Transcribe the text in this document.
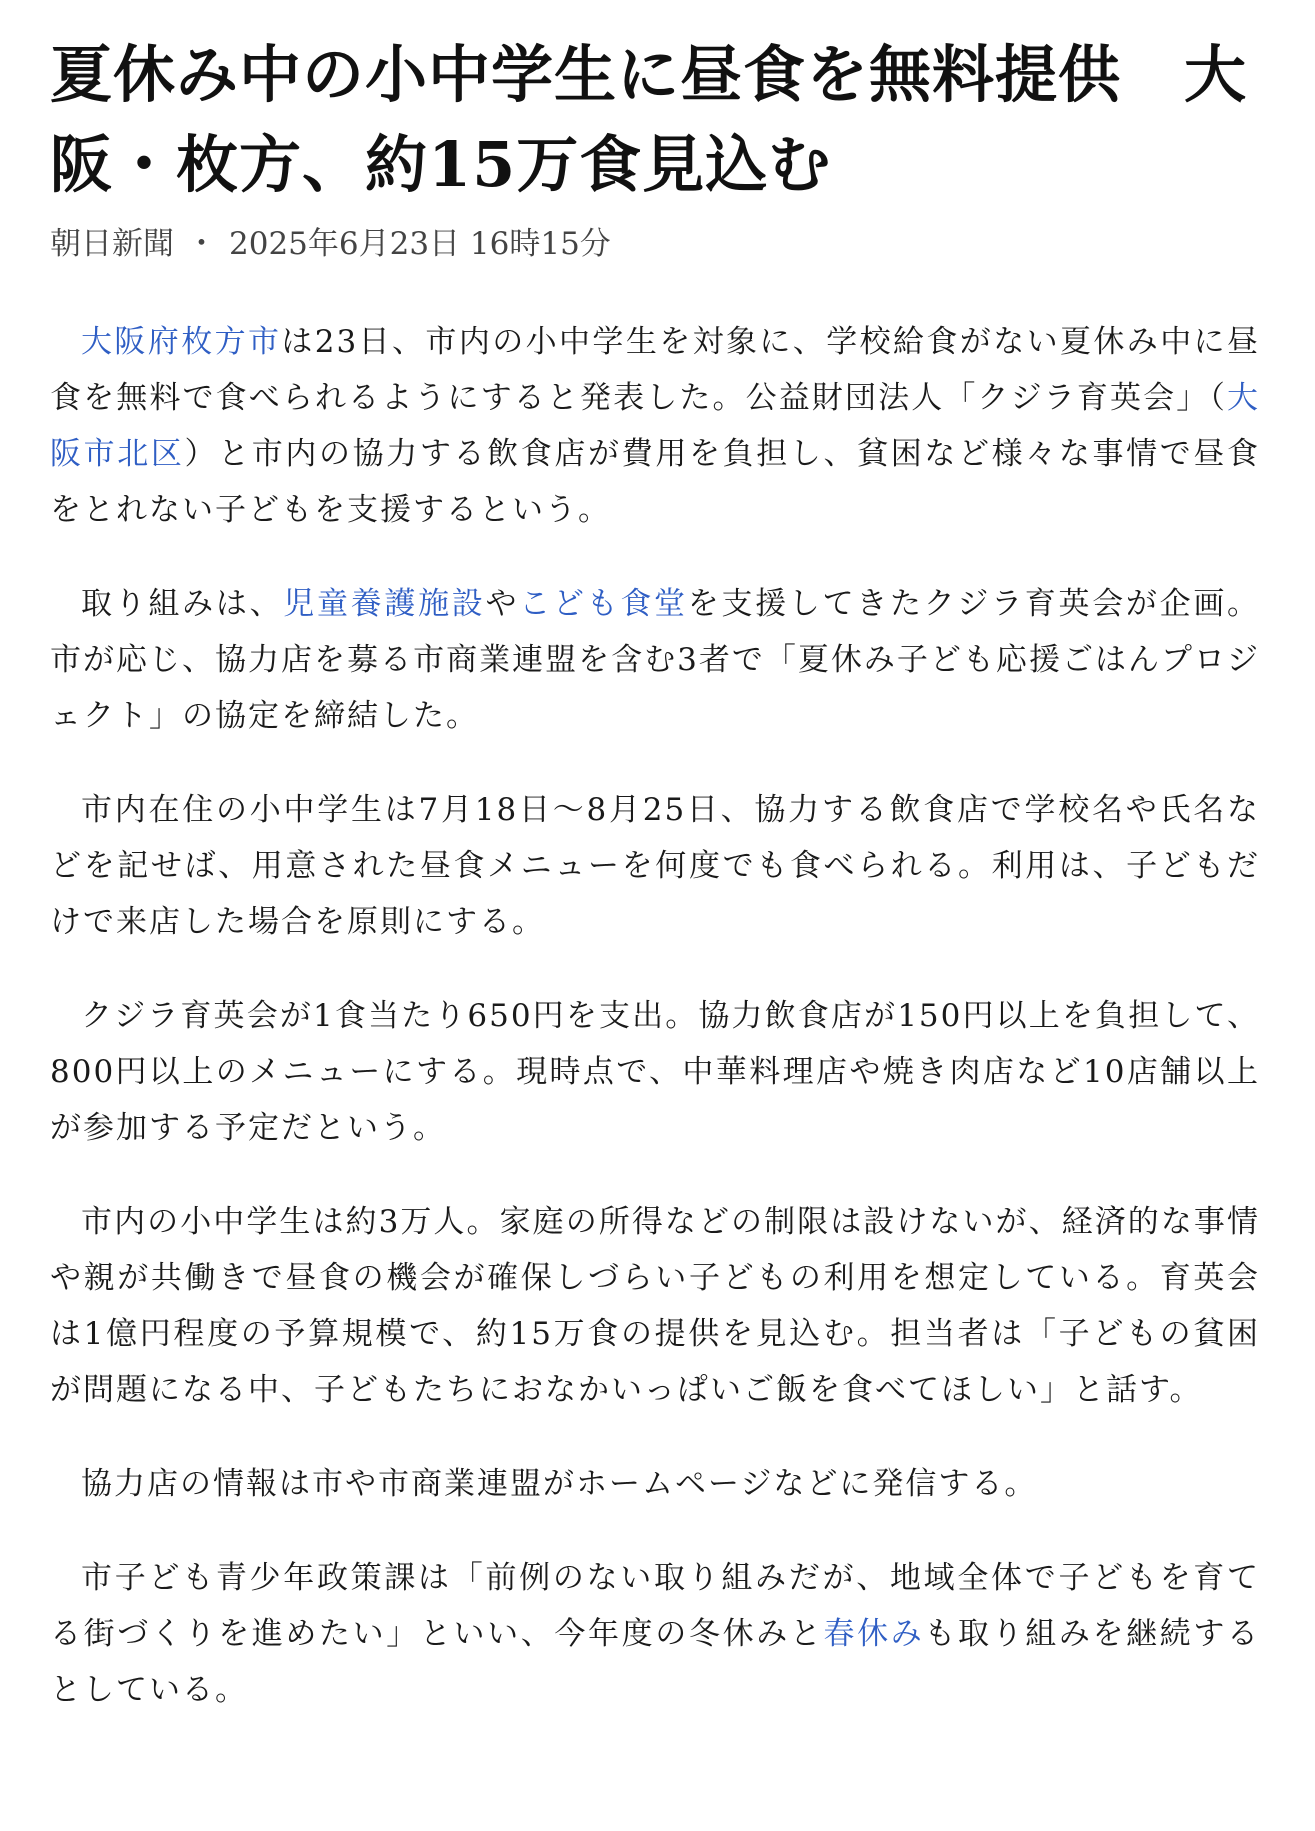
夏休み中の小中学生に昼食を無料提供　大阪・枚方、約15万食見込む
朝日新聞 ・ 2025年6月23日 16時15分

大阪府枚方市は23日、市内の小中学生を対象に、学校給食がない夏休み中に昼食を無料で食べられるようにすると発表した。公益財団法人「クジラ育英会」（大阪市北区）と市内の協力する飲食店が費用を負担し、貧困など様々な事情で昼食をとれない子どもを支援するという。

取り組みは、児童養護施設やこども食堂を支援してきたクジラ育英会が企画。市が応じ、協力店を募る市商業連盟を含む3者で「夏休み子ども応援ごはんプロジェクト」の協定を締結した。

市内在住の小中学生は7月18日～8月25日、協力する飲食店で学校名や氏名などを記せば、用意された昼食メニューを何度でも食べられる。利用は、子どもだけで来店した場合を原則にする。

クジラ育英会が1食当たり650円を支出。協力飲食店が150円以上を負担して、800円以上のメニューにする。現時点で、中華料理店や焼き肉店など10店舗以上が参加する予定だという。

市内の小中学生は約3万人。家庭の所得などの制限は設けないが、経済的な事情や親が共働きで昼食の機会が確保しづらい子どもの利用を想定している。育英会は1億円程度の予算規模で、約15万食の提供を見込む。担当者は「子どもの貧困が問題になる中、子どもたちにおなかいっぱいご飯を食べてほしい」と話す。

協力店の情報は市や市商業連盟がホームページなどに発信する。

市子ども青少年政策課は「前例のない取り組みだが、地域全体で子どもを育てる街づくりを進めたい」といい、今年度の冬休みと春休みも取り組みを継続するとしている。
